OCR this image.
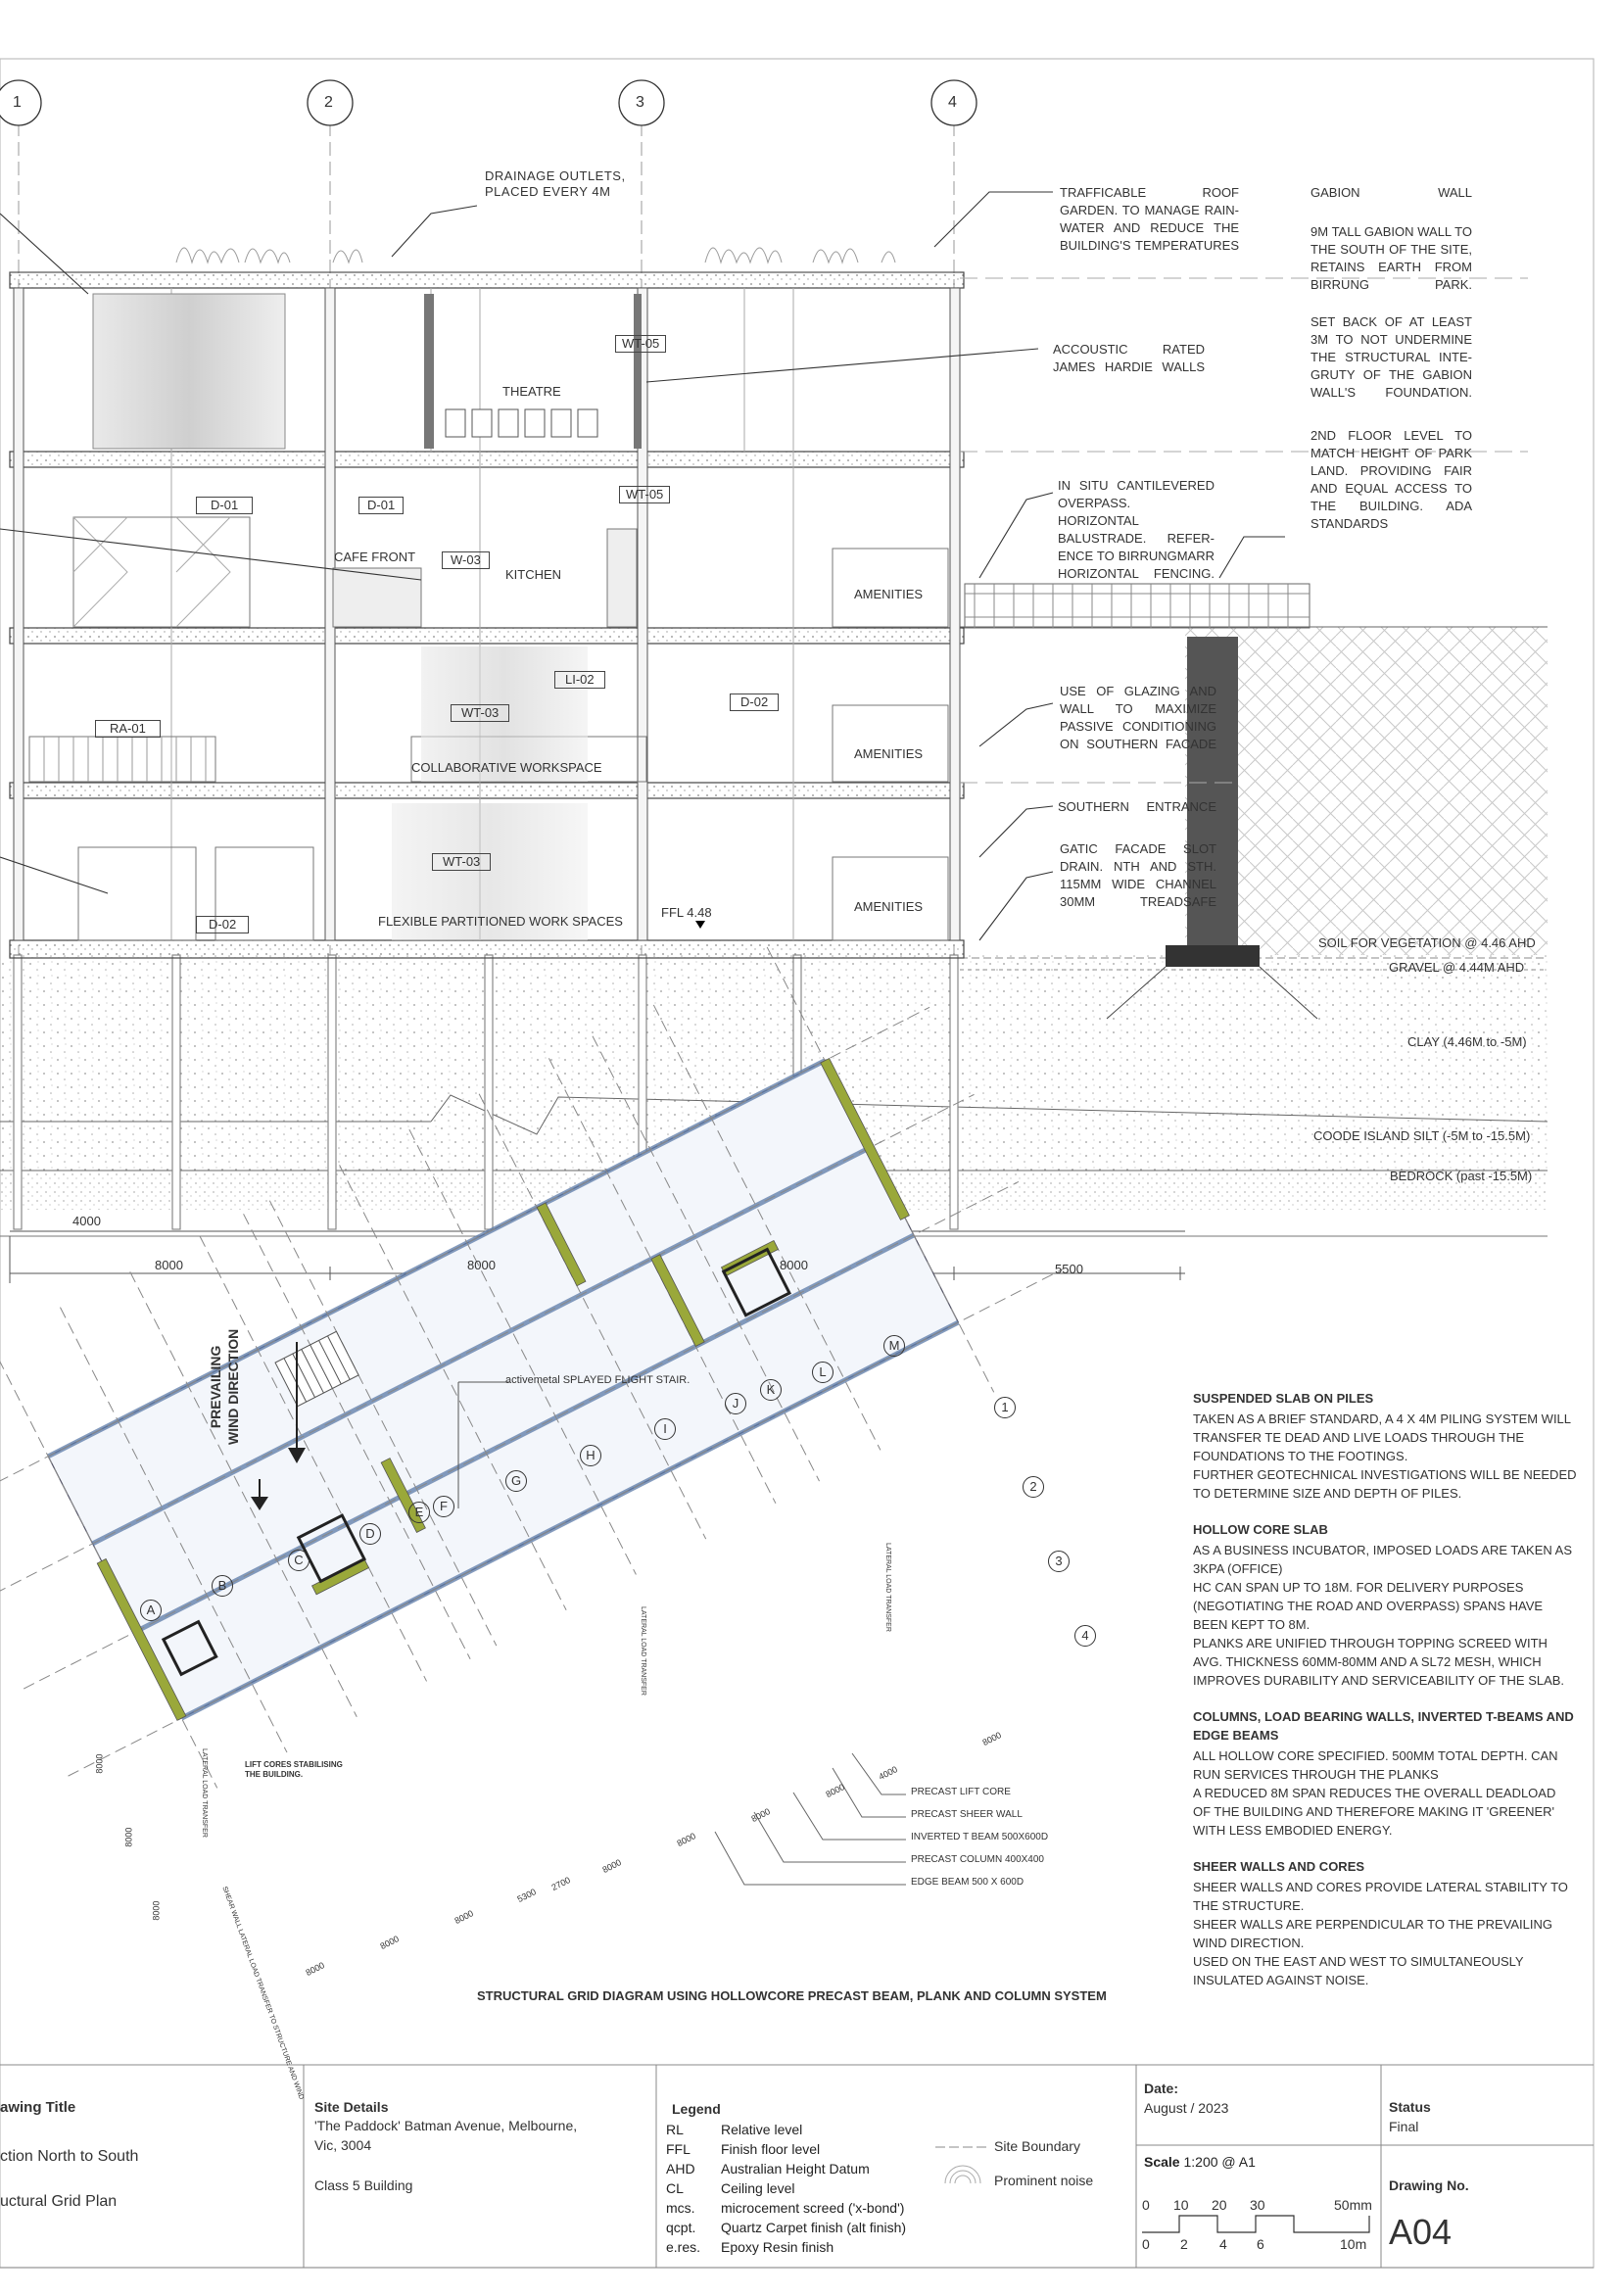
1	2	3	4
DRAINAGE OUTLETS,
PLACED EVERY 4M	TRAFFICABLE ROOF GARDEN. TO MANAGE RAIN-WATER AND REDUCE THE BUILDING'S TEMPERATURES
ACCOUSTIC RATED JAMES HARDIE WALLS
IN SITU CANTILEVERED OVERPASS. HORIZONTAL BALUSTRADE. REFER-ENCE TO BIRRUNGMARR HORIZONTAL FENCING.
USE OF GLAZING AND WALL TO MAXIMIZE PASSIVE CONDITIONING ON SOUTHERN FACADE
SOUTHERN ENTRANCE
GATIC FACADE SLOT DRAIN. NTH AND STH. 115MM WIDE CHANNEL 30MM TREADSAFE
GABION WALL
9M TALL GABION WALL TO THE SOUTH OF THE SITE, RETAINS EARTH FROM BIRRUNG PARK.
SET BACK OF AT LEAST 3M TO NOT UNDERMINE THE STRUCTURAL INTE-GRUTY OF THE GABION WALL'S FOUNDATION.
2ND FLOOR LEVEL TO MATCH HEIGHT OF PARK LAND. PROVIDING FAIR AND EQUAL ACCESS TO THE BUILDING. ADA STANDARDS
THEATRE
CAFE FRONT
KITCHEN
AMENITIES
AMENITIES
AMENITIES
COLLABORATIVE WORKSPACE
FLEXIBLE PARTITIONED WORK SPACES
WT-05
WT-05
D-01	D-01
W-03
LI-02
WT-03
D-02
RA-01
WT-03
D-02
FFL 4.48
SOIL FOR VEGETATION @ 4.46 AHD
GRAVEL @ 4.44M AHD
CLAY (4.46M to -5M)
COODE ISLAND SILT (-5M to -15.5M)
BEDROCK (past -15.5M)
4000
8000	8000	8000	5500
PREVAILING
WIND DIRECTION	activemetal SPLAYED FLIGHT STAIR.
LIFT CORES STABILISING
THE BUILDING.
A
B
C
D
E	F
G
H
I
J
K
L
M
1
2
3
4
PRECAST LIFT CORE
PRECAST SHEER WALL
INVERTED T BEAM 500X600D
PRECAST COLUMN 400X400
EDGE BEAM 500 X 600D
8000
8000
8000
5300
2700
8000
8000
8000
8000
8000
4000
8000
8000
8000
LATERAL LOAD TRANSFER
LATERAL LOAD TRANSFER
LATERAL LOAD TRANSFER
SHEAR WALL LATERAL LOAD TRANSFER TO STRUCTURE AND WIND	STRUCTURAL GRID DIAGRAM USING HOLLOWCORE PRECAST BEAM, PLANK AND COLUMN SYSTEM
SUSPENDED SLAB ON PILES

TAKEN AS A BRIEF STANDARD, A 4 X 4M PILING SYSTEM WILL TRANSFER TE DEAD AND LIVE LOADS THROUGH THE FOUNDATIONS TO THE FOOTINGS.
FURTHER GEOTECHNICAL INVESTIGATIONS WILL BE NEEDED TO DETERMINE SIZE AND DEPTH OF PILES.

HOLLOW CORE SLAB

AS A BUSINESS INCUBATOR, IMPOSED LOADS ARE TAKEN AS 3KPA (OFFICE)
HC CAN SPAN UP TO 18M. FOR DELIVERY PURPOSES (NEGOTIATING THE ROAD AND OVERPASS) SPANS HAVE BEEN KEPT TO 8M.
PLANKS ARE UNIFIED THROUGH TOPPING SCREED WITH AVG. THICKNESS 60MM-80MM AND A SL72 MESH, WHICH IMPROVES DURABILITY AND SERVICEABILITY OF THE SLAB.

COLUMNS, LOAD BEARING WALLS, INVERTED T-BEAMS AND EDGE BEAMS

ALL HOLLOW CORE SPECIFIED. 500MM TOTAL DEPTH. CAN RUN SERVICES THROUGH THE PLANKS
A REDUCED 8M SPAN REDUCES THE OVERALL DEADLOAD OF THE BUILDING AND THEREFORE MAKING IT 'GREENER' WITH LESS EMBODIED ENERGY.

SHEER WALLS AND CORES

SHEER WALLS AND CORES PROVIDE LATERAL STABILITY TO THE STRUCTURE.
SHEER WALLS ARE PERPENDICULAR TO THE PREVAILING WIND DIRECTION.
USED ON THE EAST AND WEST TO SIMULTANEOUSLY INSULATED AGAINST NOISE.

awing Title
ction North to South
uctural Grid Plan
Site Details
'The Paddock' Batman Avenue, Melbourne,
Vic, 3004
Class 5 Building
Legend
RL	Relative level
FFL	Finish floor level
AHD	Australian Height Datum
CL	Ceiling level
mcs.	microcement screed ('x-bond')
qcpt.	Quartz Carpet finish (alt finish)
e.res.	Epoxy Resin finish
Site Boundary
Prominent noise
Date:
August / 2023
Scale 1:200 @ A1
0 10 20 30	50mm
0 2 4 6	10m
Status
Final
Drawing No.
A04
